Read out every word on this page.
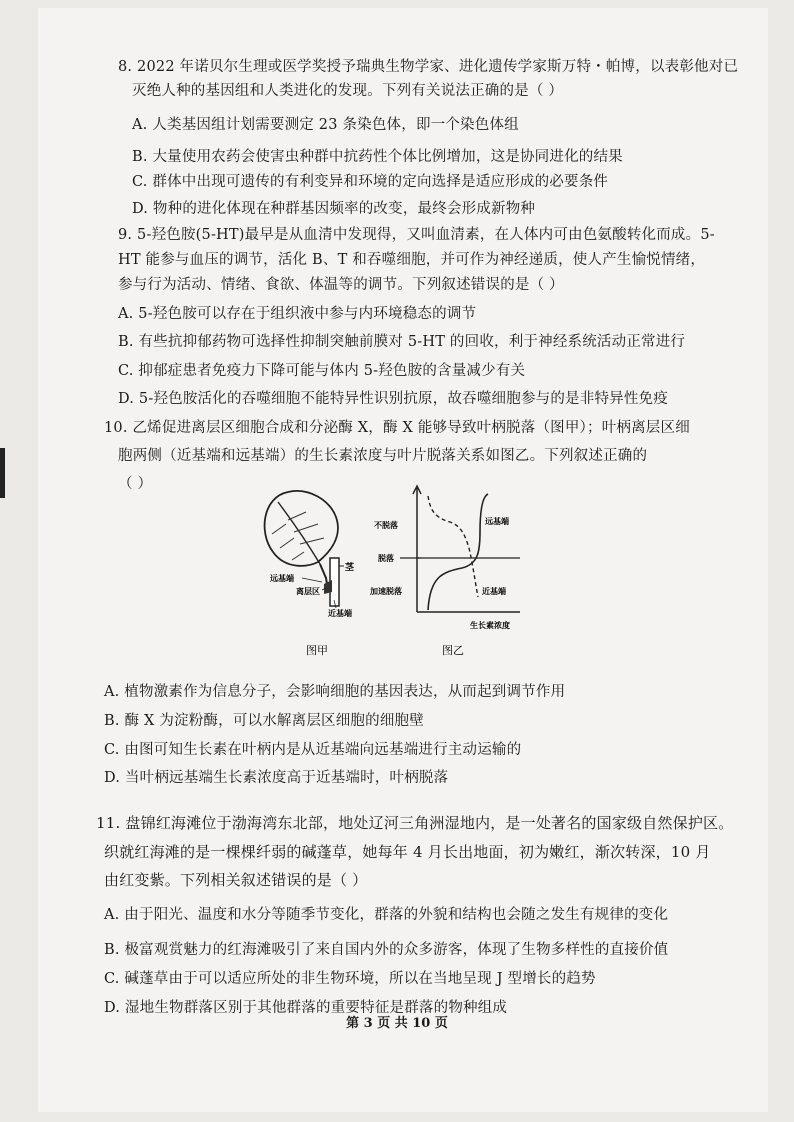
8. 2022 年诺贝尔生理或医学奖授予瑞典生物学家、进化遗传学家斯万特・帕博，以表彰他对已
灭绝人种的基因组和人类进化的发现。下列有关说法正确的是（ ）
A. 人类基因组计划需要测定 23 条染色体，即一个染色体组
B. 大量使用农药会使害虫种群中抗药性个体比例增加，这是协同进化的结果
C. 群体中出现可遗传的有利变异和环境的定向选择是适应形成的必要条件
D. 物种的进化体现在种群基因频率的改变，最终会形成新物种
9. 5-羟色胺(5-HT)最早是从血清中发现得，又叫血清素，在人体内可由色氨酸转化而成。5-
HT 能参与血压的调节，活化 B、T 和吞噬细胞，并可作为神经递质，使人产生愉悦情绪，
参与行为活动、情绪、食欲、体温等的调节。下列叙述错误的是（ ）
A. 5-羟色胺可以存在于组织液中参与内环境稳态的调节
B. 有些抗抑郁药物可选择性抑制突触前膜对 5-HT 的回收，利于神经系统活动正常进行
C. 抑郁症患者免疫力下降可能与体内 5-羟色胺的含量减少有关
D. 5-羟色胺活化的吞噬细胞不能特异性识别抗原，故吞噬细胞参与的是非特异性免疫
10. 乙烯促进离层区细胞合成和分泌酶 X，酶 X 能够导致叶柄脱落（图甲）；叶柄离层区细
胞两侧（近基端和远基端）的生长素浓度与叶片脱落关系如图乙。下列叙述正确的
（ ）
茎
远基端
离层区
近基端
图甲
不脱落
脱落
加速脱落
远基端
近基端
生长素浓度
图乙
A. 植物激素作为信息分子，会影响细胞的基因表达，从而起到调节作用
B. 酶 X 为淀粉酶，可以水解离层区细胞的细胞壁
C. 由图可知生长素在叶柄内是从近基端向远基端进行主动运输的
D. 当叶柄远基端生长素浓度高于近基端时，叶柄脱落
11. 盘锦红海滩位于渤海湾东北部，地处辽河三角洲湿地内，是一处著名的国家级自然保护区。
织就红海滩的是一棵棵纤弱的碱蓬草，她每年 4 月长出地面，初为嫩红，渐次转深，10 月
由红变紫。下列相关叙述错误的是（ ）
A. 由于阳光、温度和水分等随季节变化，群落的外貌和结构也会随之发生有规律的变化
B. 极富观赏魅力的红海滩吸引了来自国内外的众多游客，体现了生物多样性的直接价值
C. 碱蓬草由于可以适应所处的非生物环境，所以在当地呈现 J 型增长的趋势
D. 湿地生物群落区别于其他群落的重要特征是群落的物种组成
第 3 页 共 10 页
